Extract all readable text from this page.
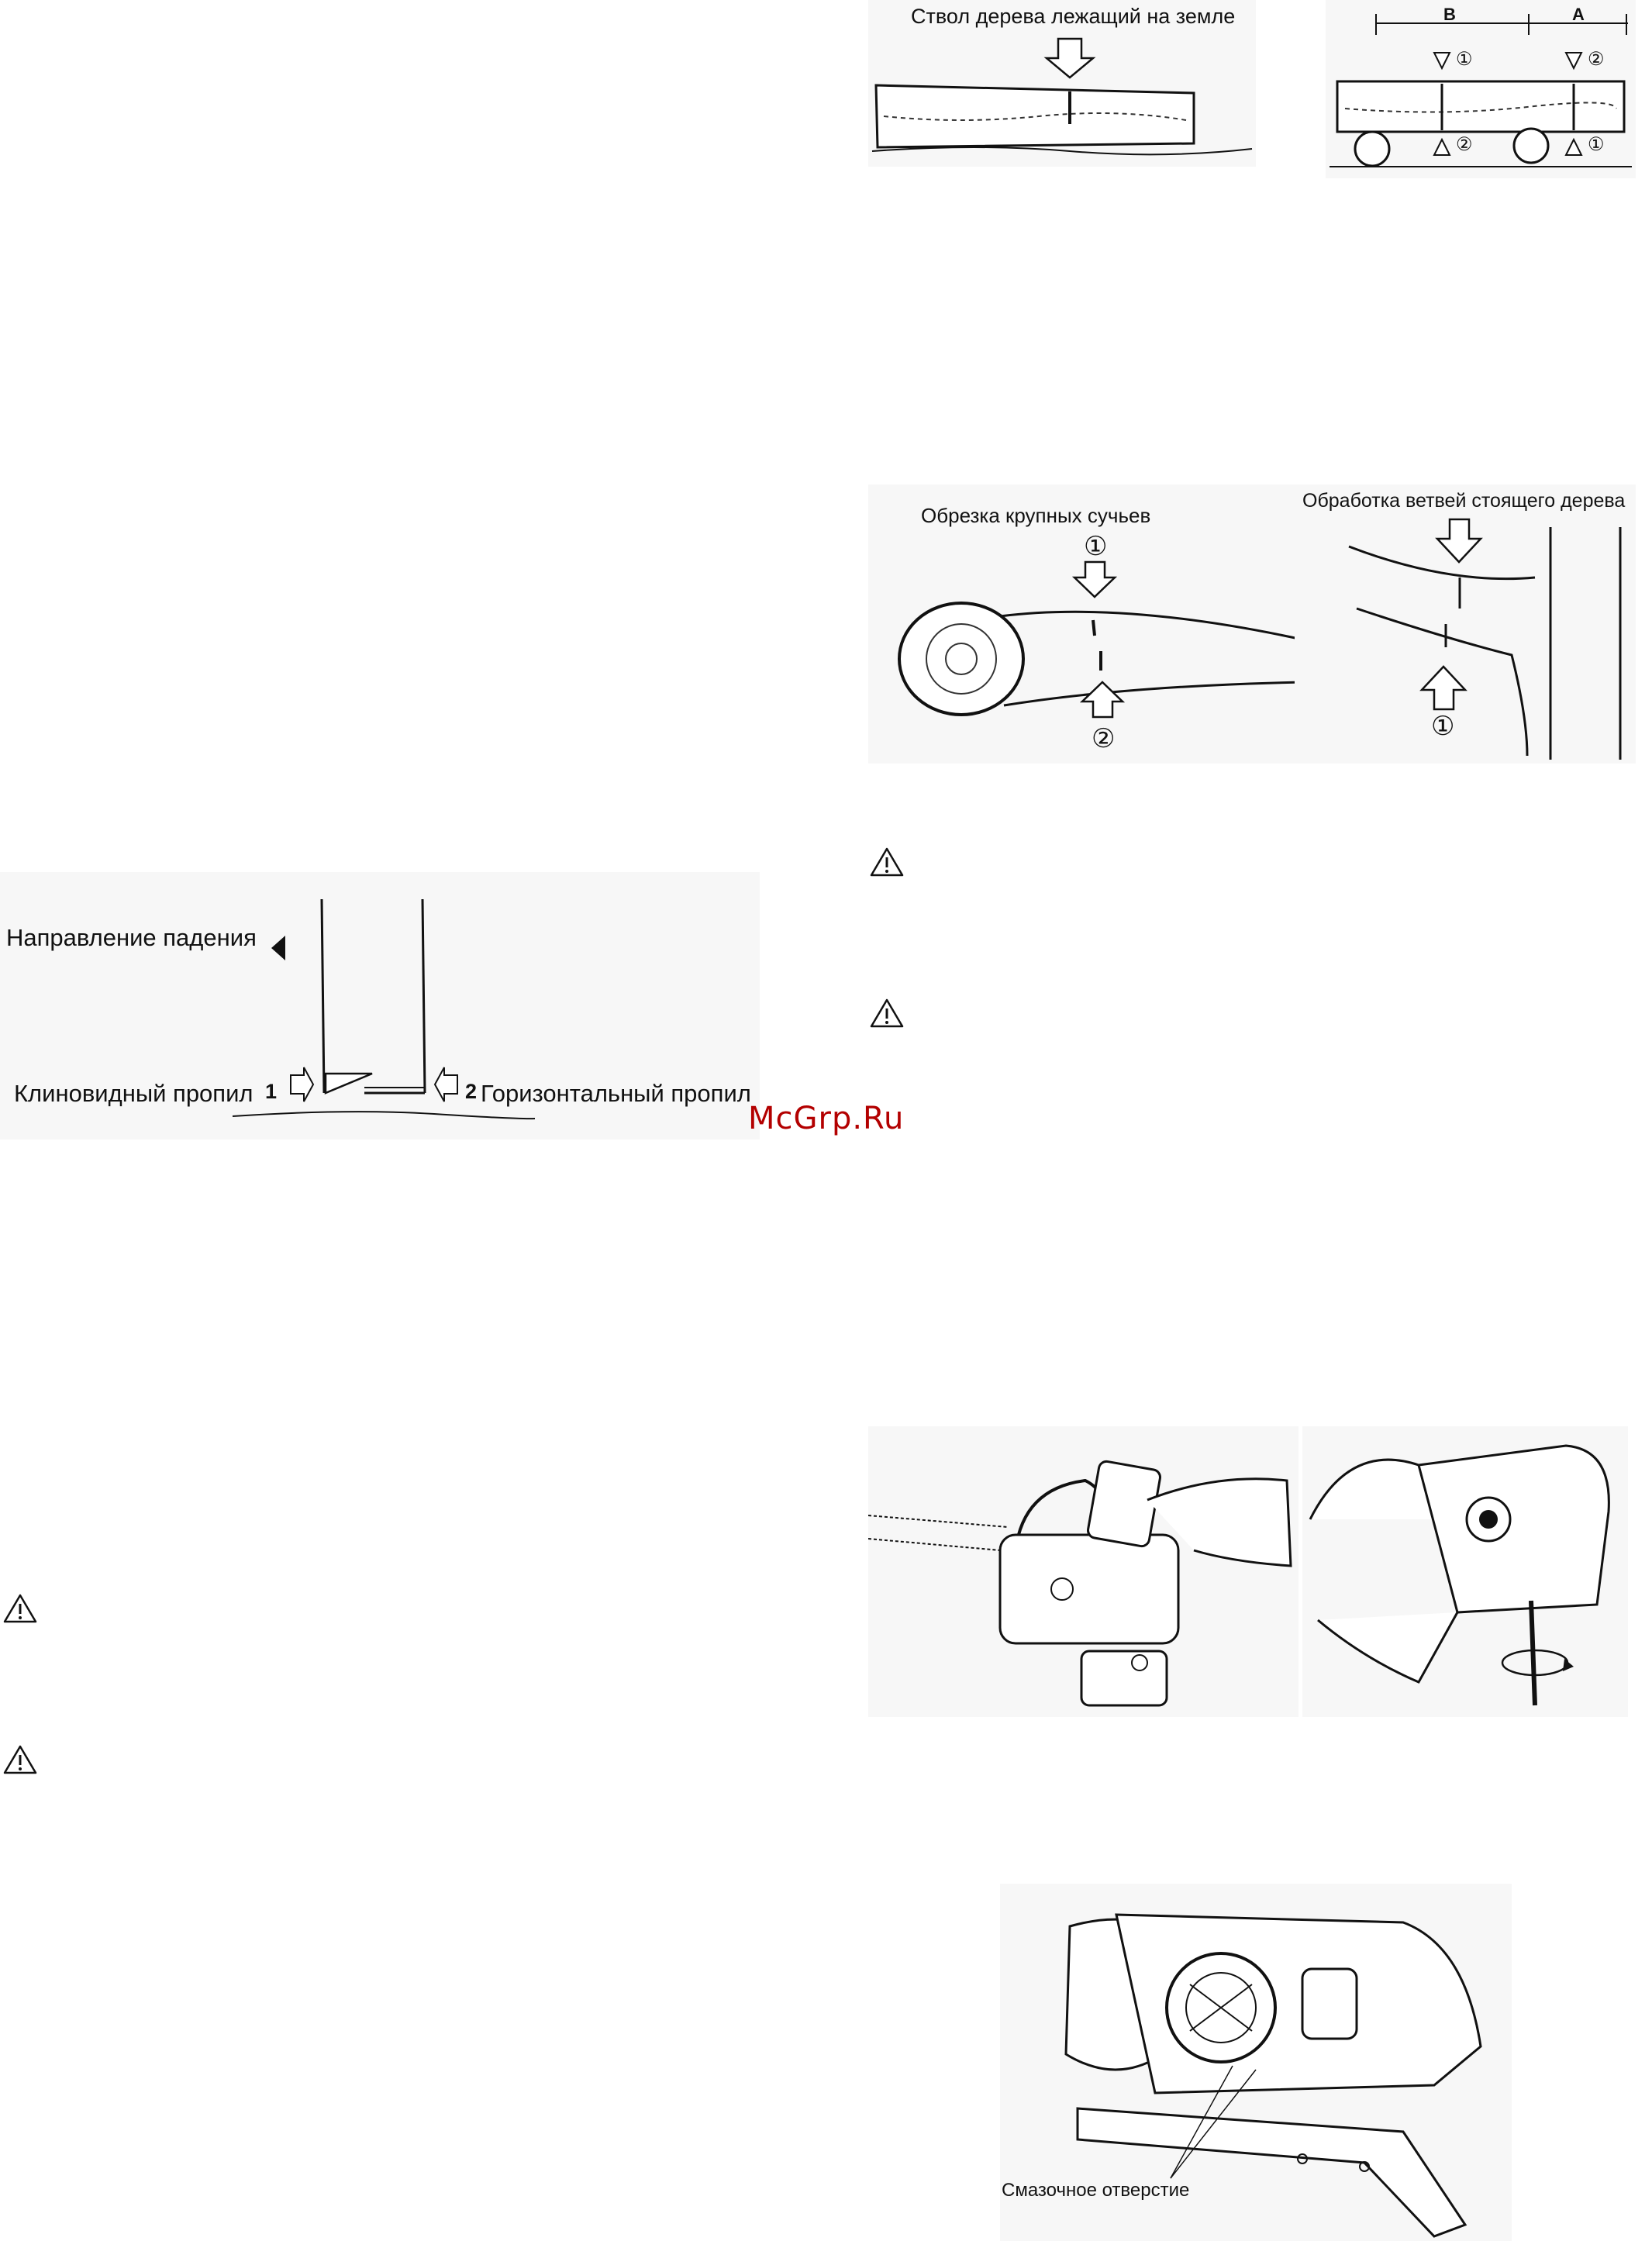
Ствол дерева лежащий на земле	B	A
①
②
②
①
Обрезка крупных сучьев
①
②
Обработка ветвей стоящего дерева
①
Направление падения
Клиновидный пропил 1	2 Горизонтальный пропил
McGrp.Ru
Смазочное отверстие
